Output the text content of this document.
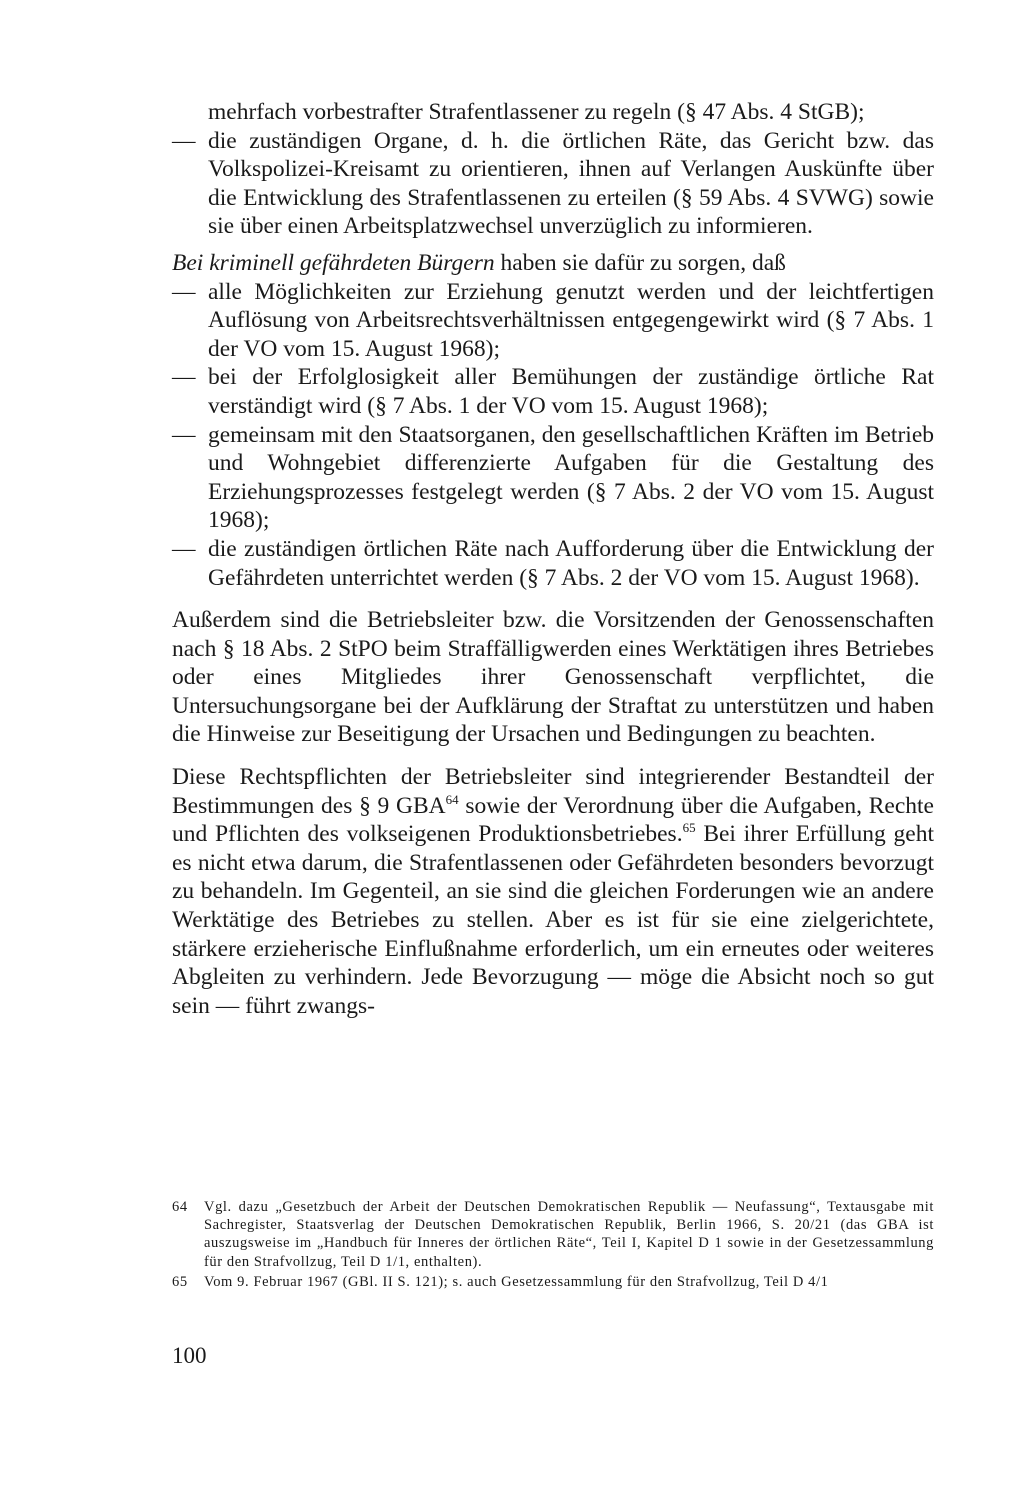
mehrfach vorbestrafter Strafentlassener zu regeln (§ 47 Abs. 4 StGB);

— die zuständigen Organe, d. h. die örtlichen Räte, das Gericht bzw. das Volkspolizei-Kreisamt zu orientieren, ihnen auf Verlangen Auskünfte über die Entwicklung des Strafentlassenen zu erteilen (§ 59 Abs. 4 SVWG) sowie sie über einen Arbeitsplatzwechsel unverzüglich zu informieren.

Bei kriminell gefährdeten Bürgern haben sie dafür zu sorgen, daß

— alle Möglichkeiten zur Erziehung genutzt werden und der leichtfertigen Auflösung von Arbeitsrechtsverhältnissen entgegengewirkt wird (§ 7 Abs. 1 der VO vom 15. August 1968);
— bei der Erfolglosigkeit aller Bemühungen der zuständige örtliche Rat verständigt wird (§ 7 Abs. 1 der VO vom 15. August 1968);
— gemeinsam mit den Staatsorganen, den gesellschaftlichen Kräften im Betrieb und Wohngebiet differenzierte Aufgaben für die Gestaltung des Erziehungsprozesses festgelegt werden (§ 7 Abs. 2 der VO vom 15. August 1968);
— die zuständigen örtlichen Räte nach Aufforderung über die Entwicklung der Gefährdeten unterrichtet werden (§ 7 Abs. 2 der VO vom 15. August 1968).

Außerdem sind die Betriebsleiter bzw. die Vorsitzenden der Genossenschaften nach § 18 Abs. 2 StPO beim Straffälligwerden eines Werktätigen ihres Betriebes oder eines Mitgliedes ihrer Genossenschaft verpflichtet, die Untersuchungsorgane bei der Aufklärung der Straftat zu unterstützen und haben die Hinweise zur Beseitigung der Ursachen und Bedingungen zu beachten.

Diese Rechtspflichten der Betriebsleiter sind integrierender Bestandteil der Bestimmungen des § 9 GBA$^{64}$ sowie der Verordnung über die Aufgaben, Rechte und Pflichten des volkseigenen Produktionsbetriebes.$^{65}$ Bei ihrer Erfüllung geht es nicht etwa darum, die Strafentlassenen oder Gefährdeten besonders bevorzugt zu behandeln. Im Gegenteil, an sie sind die gleichen Forderungen wie an andere Werktätige des Betriebes zu stellen. Aber es ist für sie eine zielgerichtete, stärkere erzieherische Einflußnahme erforderlich, um ein erneutes oder weiteres Abgleiten zu verhindern. Jede Bevorzugung — möge die Absicht noch so gut sein — führt zwangs-

64 Vgl. dazu „Gesetzbuch der Arbeit der Deutschen Demokratischen Republik — Neufassung“, Textausgabe mit Sachregister, Staatsverlag der Deutschen Demokratischen Republik, Berlin 1966, S. 20/21 (das GBA ist auszugsweise im „Handbuch für Inneres der örtlichen Räte“, Teil I, Kapitel D 1 sowie in der Gesetzessammlung für den Strafvollzug, Teil D 1/1, enthalten).
65 Vom 9. Februar 1967 (GBl. II S. 121); s. auch Gesetzessammlung für den Strafvollzug, Teil D 4/1
100
